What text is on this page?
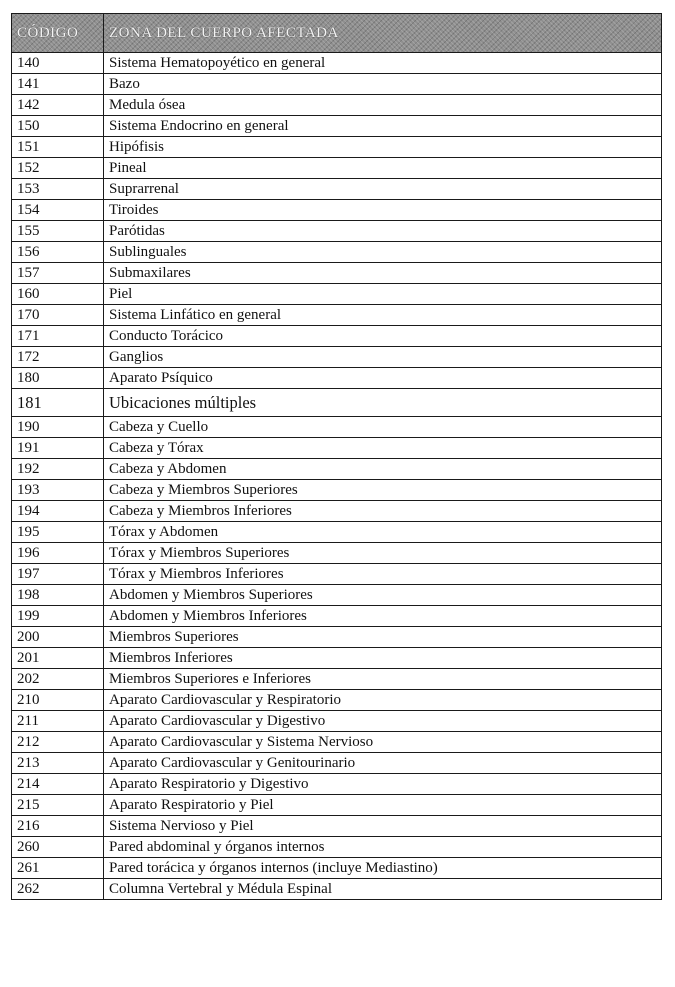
CÓDIGO	ZONA DEL CUERPO AFECTADA
140	Sistema Hematopoyético en general
141	Bazo
142	Medula ósea
150	Sistema Endocrino en general
151	Hipófisis
152	Pineal
153	Suprarrenal
154	Tiroides
155	Parótidas
156	Sublinguales
157	Submaxilares
160	Piel
170	Sistema Linfático en general
171	Conducto Torácico
172	Ganglios
180	Aparato Psíquico
181	Ubicaciones múltiples
190	Cabeza y Cuello
191	Cabeza y Tórax
192	Cabeza y Abdomen
193	Cabeza y Miembros Superiores
194	Cabeza y Miembros Inferiores
195	Tórax y Abdomen
196	Tórax y Miembros Superiores
197	Tórax y Miembros Inferiores
198	Abdomen y Miembros Superiores
199	Abdomen y Miembros Inferiores
200	Miembros Superiores
201	Miembros Inferiores
202	Miembros Superiores e Inferiores
210	Aparato Cardiovascular y Respiratorio
211	Aparato Cardiovascular y Digestivo
212	Aparato Cardiovascular y Sistema Nervioso
213	Aparato Cardiovascular y Genitourinario
214	Aparato Respiratorio y Digestivo
215	Aparato Respiratorio y Piel
216	Sistema Nervioso y Piel
260	Pared abdominal y órganos internos
261	Pared torácica y órganos internos (incluye Mediastino)
262	Columna Vertebral y Médula Espinal
